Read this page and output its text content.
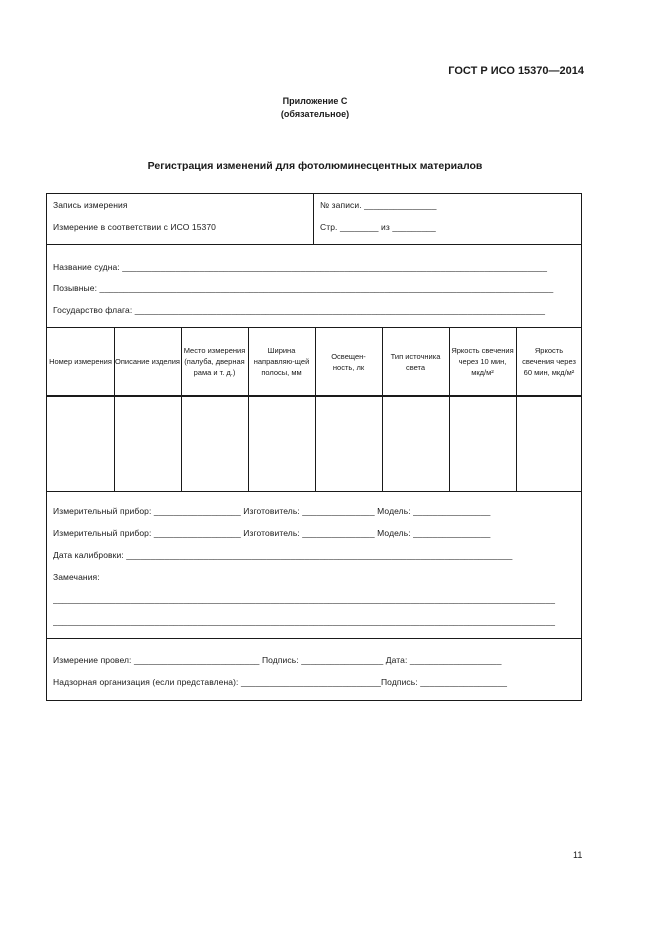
ГОСТ Р ИСО 15370—2014
Приложение С
(обязательное)
Регистрация изменений для фотолюминесцентных материалов
Запись измерения
Измерение в соответствии с ИСО 15370
№ записи. _______________
Стр. ________ из _________
Название судна: ________________________________________________________________________________________
Позывные: ______________________________________________________________________________________________
Государство флага: _____________________________________________________________________________________
Номер измерения Описание изделия
Место измерения (палуба, дверная рама и т. д.)
Ширина направляю-щей полосы, мм
Освещен-ность, лк
Тип источника света
Яркость свечения через 10 мин, мкд/м²
Яркость свечения через 60 мин, мкд/м²
Измерительный прибор: __________________ Изготовитель: _______________ Модель: ________________
Измерительный прибор: __________________ Изготовитель: _______________ Модель: ________________
Дата калибровки: ________________________________________________________________________________
Замечания:
________________________________________________________________________________________________________
________________________________________________________________________________________________________
Измерение провел: __________________________ Подпись: _________________ Дата: ___________________
Надзорная организация (если представлена): _____________________________Подпись: __________________
11
